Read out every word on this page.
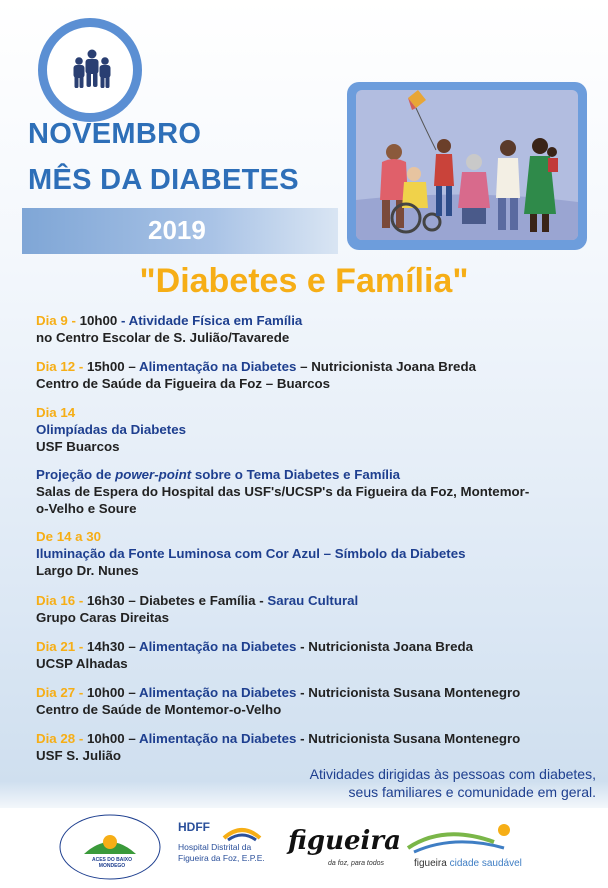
NOVEMBRO
MÊS DA DIABETES
2019
"Diabetes e Família"
Dia 9 - 10h00 - Atividade Física em Família
no Centro Escolar de S. Julião/Tavarede
Dia 12 - 15h00 – Alimentação na Diabetes – Nutricionista Joana Breda
Centro de Saúde da Figueira da Foz – Buarcos
Dia 14
Olimpíadas da Diabetes
USF Buarcos
Projeção de power-point sobre o Tema Diabetes e Família
Salas de Espera do Hospital das USF's/UCSP's da Figueira da Foz, Montemor-
o-Velho e Soure
De 14 a 30
Iluminação da Fonte Luminosa com Cor Azul – Símbolo da Diabetes
Largo Dr. Nunes
Dia 16 - 16h30 – Diabetes e Família - Sarau Cultural
Grupo Caras Direitas
Dia 21 - 14h30 – Alimentação na Diabetes - Nutricionista Joana Breda
UCSP Alhadas
Dia 27 - 10h00 – Alimentação na Diabetes - Nutricionista Susana Montenegro
Centro de Saúde de Montemor-o-Velho
Dia 28 - 10h00 – Alimentação na Diabetes - Nutricionista Susana Montenegro
USF S. Julião
Atividades dirigidas às pessoas com diabetes,
seus familiares e comunidade em geral.
ACES DO BAIXO MONDEGO
HDFF
Hospital Distrital da
Figueira da Foz, E.P.E.
figueira
da foz, para todos	figueira cidade saudável
